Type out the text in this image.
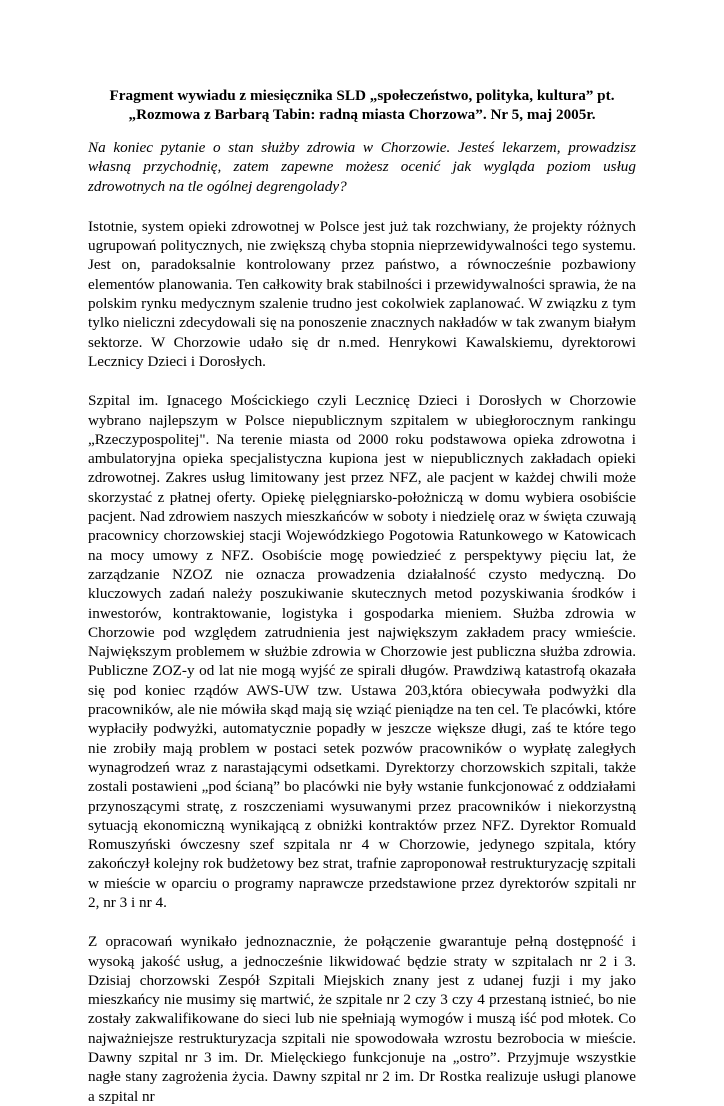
Fragment wywiadu z miesięcznika SLD „społeczeństwo, polityka, kultura” pt.
„Rozmowa z Barbarą Tabin: radną miasta Chorzowa”. Nr 5, maj 2005r.

Na koniec pytanie o stan służby zdrowia w Chorzowie. Jesteś lekarzem, prowadzisz własną przychodnię, zatem zapewne możesz ocenić jak wygląda poziom usług zdrowotnych na tle ogólnej degrengolady?

Istotnie, system opieki zdrowotnej w Polsce jest już tak rozchwiany, że projekty różnych ugrupowań politycznych, nie zwiększą chyba stopnia nieprzewidywalności tego systemu. Jest on, paradoksalnie kontrolowany przez państwo, a równocześnie pozbawiony elementów planowania. Ten całkowity brak stabilności i przewidywalności sprawia, że na polskim rynku medycznym szalenie trudno jest cokolwiek zaplanować. W związku z tym tylko nieliczni zdecydowali się na ponoszenie znacznych nakładów w tak zwanym białym sektorze. W Chorzowie udało się dr n.med. Henrykowi Kawalskiemu, dyrektorowi Lecznicy Dzieci i Dorosłych.

Szpital im. Ignacego Mościckiego czyli Lecznicę Dzieci i Dorosłych w Chorzowie wybrano najlepszym w Polsce niepublicznym szpitalem w ubiegłorocznym rankingu „Rzeczypospolitej". Na terenie miasta od 2000 roku podstawowa opieka zdrowotna i ambulatoryjna opieka specjalistyczna kupiona jest w niepublicznych zakładach opieki zdrowotnej. Zakres usług limitowany jest przez NFZ, ale pacjent w każdej chwili może skorzystać z płatnej oferty. Opiekę pielęgniarsko-położniczą w domu wybiera osobiście pacjent. Nad zdrowiem naszych mieszkańców w soboty i niedzielę oraz w święta czuwają pracownicy chorzowskiej stacji Wojewódzkiego Pogotowia Ratunkowego w Katowicach na mocy umowy z NFZ. Osobiście mogę powiedzieć z perspektywy pięciu lat, że zarządzanie NZOZ nie oznacza prowadzenia działalność czysto medyczną. Do kluczowych zadań należy poszukiwanie skutecznych metod pozyskiwania środków i inwestorów, kontraktowanie, logistyka i gospodarka mieniem. Służba zdrowia w Chorzowie pod względem zatrudnienia jest największym zakładem pracy wmieście. Największym problemem w służbie zdrowia w Chorzowie jest publiczna służba zdrowia. Publiczne ZOZ-y od lat nie mogą wyjść ze spirali długów. Prawdziwą katastrofą okazała się pod koniec rządów AWS-UW tzw. Ustawa 203,która obiecywała podwyżki dla pracowników, ale nie mówiła skąd mają się wziąć pieniądze na ten cel. Te placówki, które wypłaciły podwyżki, automatycznie popadły w jeszcze większe długi, zaś te które tego nie zrobiły mają problem w postaci setek pozwów pracowników o wypłatę zaległych wynagrodzeń wraz z narastającymi odsetkami. Dyrektorzy chorzowskich szpitali, także zostali postawieni „pod ścianą” bo placówki nie były wstanie funkcjonować z oddziałami przynoszącymi stratę, z roszczeniami wysuwanymi przez pracowników i niekorzystną sytuacją ekonomiczną wynikającą z obniżki kontraktów przez NFZ. Dyrektor Romuald Romuszyński ówczesny szef szpitala nr 4 w Chorzowie, jedynego szpitala, który zakończył kolejny rok budżetowy bez strat, trafnie zaproponował restrukturyzację szpitali w mieście w oparciu o programy naprawcze przedstawione przez dyrektorów szpitali nr 2, nr 3 i nr 4.

Z opracowań wynikało jednoznacznie, że połączenie gwarantuje pełną dostępność i wysoką jakość usług, a jednocześnie likwidować będzie straty w szpitalach nr 2 i 3. Dzisiaj chorzowski Zespół Szpitali Miejskich znany jest z udanej fuzji i my jako mieszkańcy nie musimy się martwić, że szpitale nr 2 czy 3 czy 4 przestaną istnieć, bo nie zostały zakwalifikowane do sieci lub nie spełniają wymogów i muszą iść pod młotek. Co najważniejsze restrukturyzacja szpitali nie spowodowała wzrostu bezrobocia w mieście. Dawny szpital nr 3 im. Dr. Mielęckiego funkcjonuje na „ostro”. Przyjmuje wszystkie nagłe stany zagrożenia życia. Dawny szpital nr 2 im. Dr Rostka realizuje usługi planowe a szpital nr
